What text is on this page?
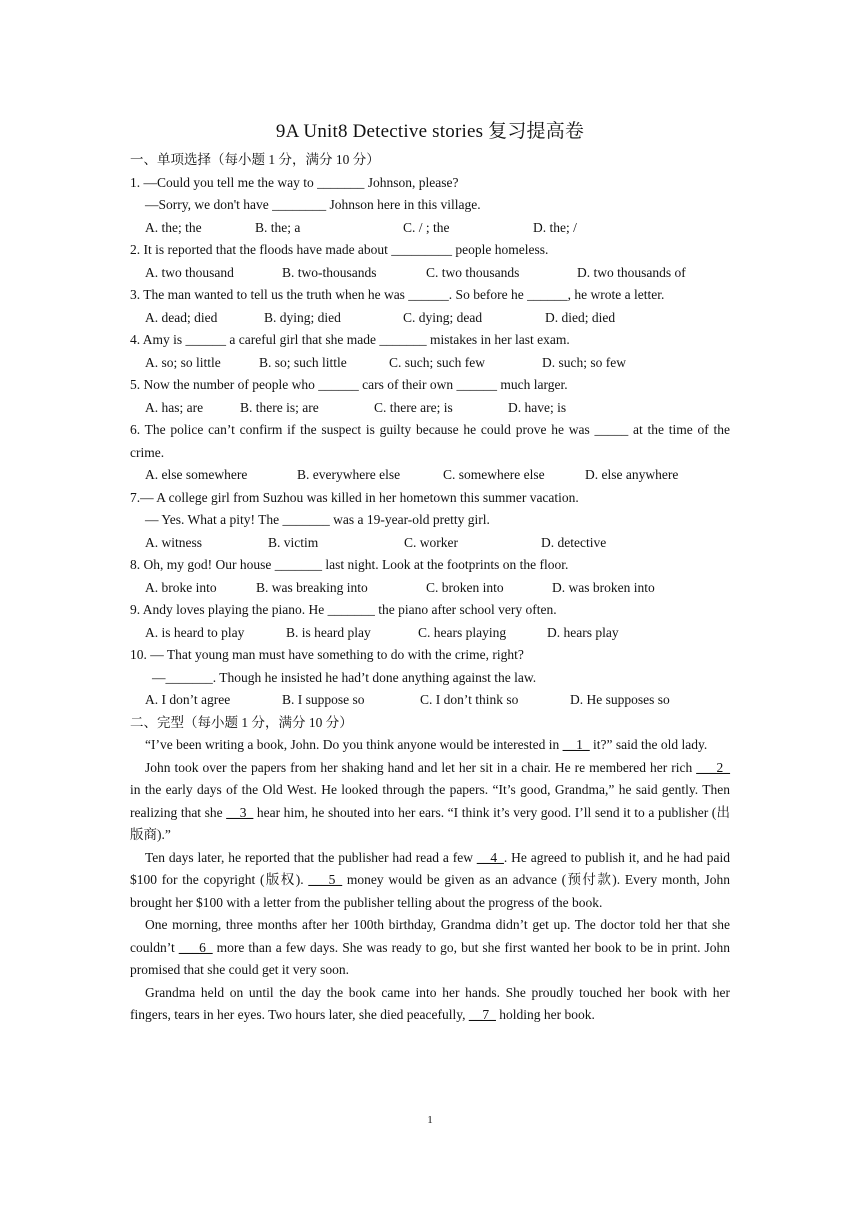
9A Unit8 Detective stories 复习提高卷
一、单项选择（每小题 1 分，满分 10 分）
1. —Could you tell me the way to _______ Johnson, please?
—Sorry, we don't have ________ Johnson here in this village.
A. the; the	B. the; a	C. / ; the	D. the; /
2. It is reported that the floods have made about _________ people homeless.
A. two thousand	B. two-thousands	C. two thousands	D. two thousands of
3. The man wanted to tell us the truth when he was ______. So before he ______, he wrote a letter.
A. dead; died	B. dying; died	C. dying; dead	D. died; died
4. Amy is ______ a careful girl that she made _______ mistakes in her last exam.
A. so; so little	B. so; such little	C. such; such few	D. such; so few
5. Now the number of people who ______ cars of their own ______ much larger.
A. has; are	B. there is; are	C. there are; is	D. have; is
6. The police can’t confirm if the suspect is guilty because he could prove he was _____ at the time of the crime.
A. else somewhere	B. everywhere else	C. somewhere else	D. else anywhere
7.— A college girl from Suzhou was killed in her hometown this summer vacation.
— Yes. What a pity! The _______ was a 19-year-old pretty girl.
A. witness	B. victim	C. worker	D. detective
8. Oh, my god! Our house _______ last night. Look at the footprints on the floor.
A. broke into	B. was breaking into	C. broken into	D. was broken into
9. Andy loves playing the piano. He _______ the piano after school very often.
A. is heard to play	B. is heard play	C. hears playing	D. hears play
10. — That young man must have something to do with the crime, right?
—_______. Though he insisted he had’t done anything against the law.
A. I don’t agree	B. I suppose so	C. I don’t think so	D. He supposes so
二、完型（每小题 1 分，满分 10 分）
“I’ve been writing a book, John. Do you think anyone would be interested in __1_ it?” said the old lady.
John took over the papers from her shaking hand and let her sit in a chair. He re membered her rich ___2_ in the early days of the Old West. He looked through the papers. “It’s good, Grandma,” he said gently. Then realizing that she __3_ hear him, he shouted into her ears. “I think it’s very good. I’ll send it to a publisher (出版商).”
Ten days later, he reported that the publisher had read a few __4_. He agreed to publish it, and he had paid $100 for the copyright (版权). ___5_ money would be given as an advance (预付款). Every month, John brought her $100 with a letter from the publisher telling about the progress of the book.
One morning, three months after her 100th birthday, Grandma didn’t get up. The doctor told her that she couldn’t ___6_ more than a few days. She was ready to go, but she first wanted her book to be in print. John promised that she could get it very soon.
Grandma held on until the day the book came into her hands. She proudly touched her book with her fingers, tears in her eyes. Two hours later, she died peacefully, __7_ holding her book.
1
